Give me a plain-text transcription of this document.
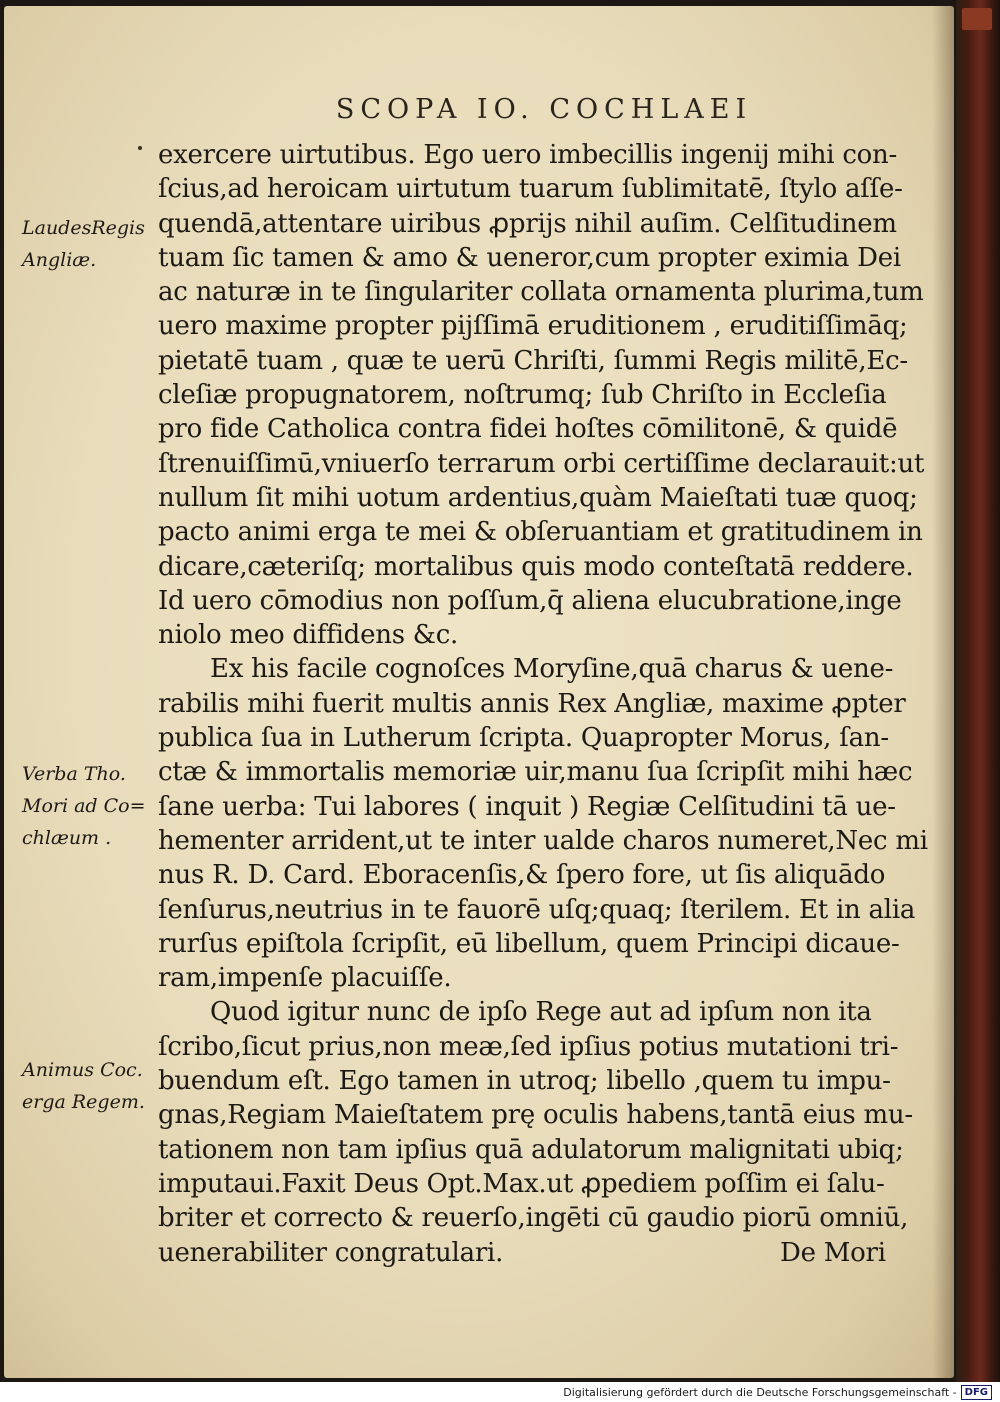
SCOPA IO. COCHLAEI
LaudesRegis
Angliæ.
Verba Tho.
Mori ad Co=
chlæum .
Animus Coc.
erga Regem.
exercere uirtutibus. Ego uero imbecillis ingenij mihi con-
ſcius,ad heroicam uirtutum tuarum ſublimitatē, ſtylo aſſe-
quendā,attentare uiribus ꝓprijs nihil auſim. Celſitudinem
tuam ſic tamen & amo & ueneror,cum propter eximia Dei
ac naturæ in te ſingulariter collata ornamenta plurima,tum
uero maxime propter pijſſimā eruditionem , eruditiſſimāq;
pietatē tuam , quæ te uerū Chriſti, ſummi Regis militē,Ec-
cleſiæ propugnatorem, noſtrumq; ſub Chriſto in Eccleſia
pro fide Catholica contra fidei hoſtes cōmilitonē, & quidē
ſtrenuiſſimū,vniuerſo terrarum orbi certiſſime declarauit:ut
nullum ſit mihi uotum ardentius,quàm Maieſtati tuæ quoq;
pacto animi erga te mei & obſeruantiam et gratitudinem in
dicare,cæteriſq; mortalibus quis modo conteſtatā reddere.
Id uero cōmodius non poſſum,q̄ aliena elucubratione,inge
niolo meo diffidens &c.
Ex his facile cognoſces Moryſine,quā charus & uene-
rabilis mihi fuerit multis annis Rex Angliæ, maxime ꝓpter
publica ſua in Lutherum ſcripta. Quapropter Morus, ſan-
ctæ & immortalis memoriæ uir,manu ſua ſcripſit mihi hæc
ſane uerba: Tui labores ( inquit ) Regiæ Celſitudini tā ue-
hementer arrident,ut te inter ualde charos numeret,Nec mi
nus R. D. Card. Eboracenſis,& ſpero fore, ut ſis aliquādo
ſenſurus,neutrius in te fauorē uſq;quaq; ſterilem. Et in alia
rurſus epiſtola ſcripſit, eū libellum, quem Principi dicaue-
ram,impenſe placuiſſe.
Quod igitur nunc de ipſo Rege aut ad ipſum non ita
ſcribo,ſicut prius,non meæ,ſed ipſius potius mutationi tri-
buendum eſt. Ego tamen in utroq; libello ,quem tu impu-
gnas,Regiam Maieſtatem prę oculis habens,tantā eius mu-
tationem non tam ipſius quā adulatorum malignitati ubiq;
imputaui.Faxit Deus Opt.Max.ut ꝓpediem poſſim ei ſalu-
briter et correcto & reuerſo,ingēti cū gaudio piorū omniū,
uenerabiliter congratulari.	De Mori
Digitalisierung gefördert durch die Deutsche Forschungsgemeinschaft - DFG
